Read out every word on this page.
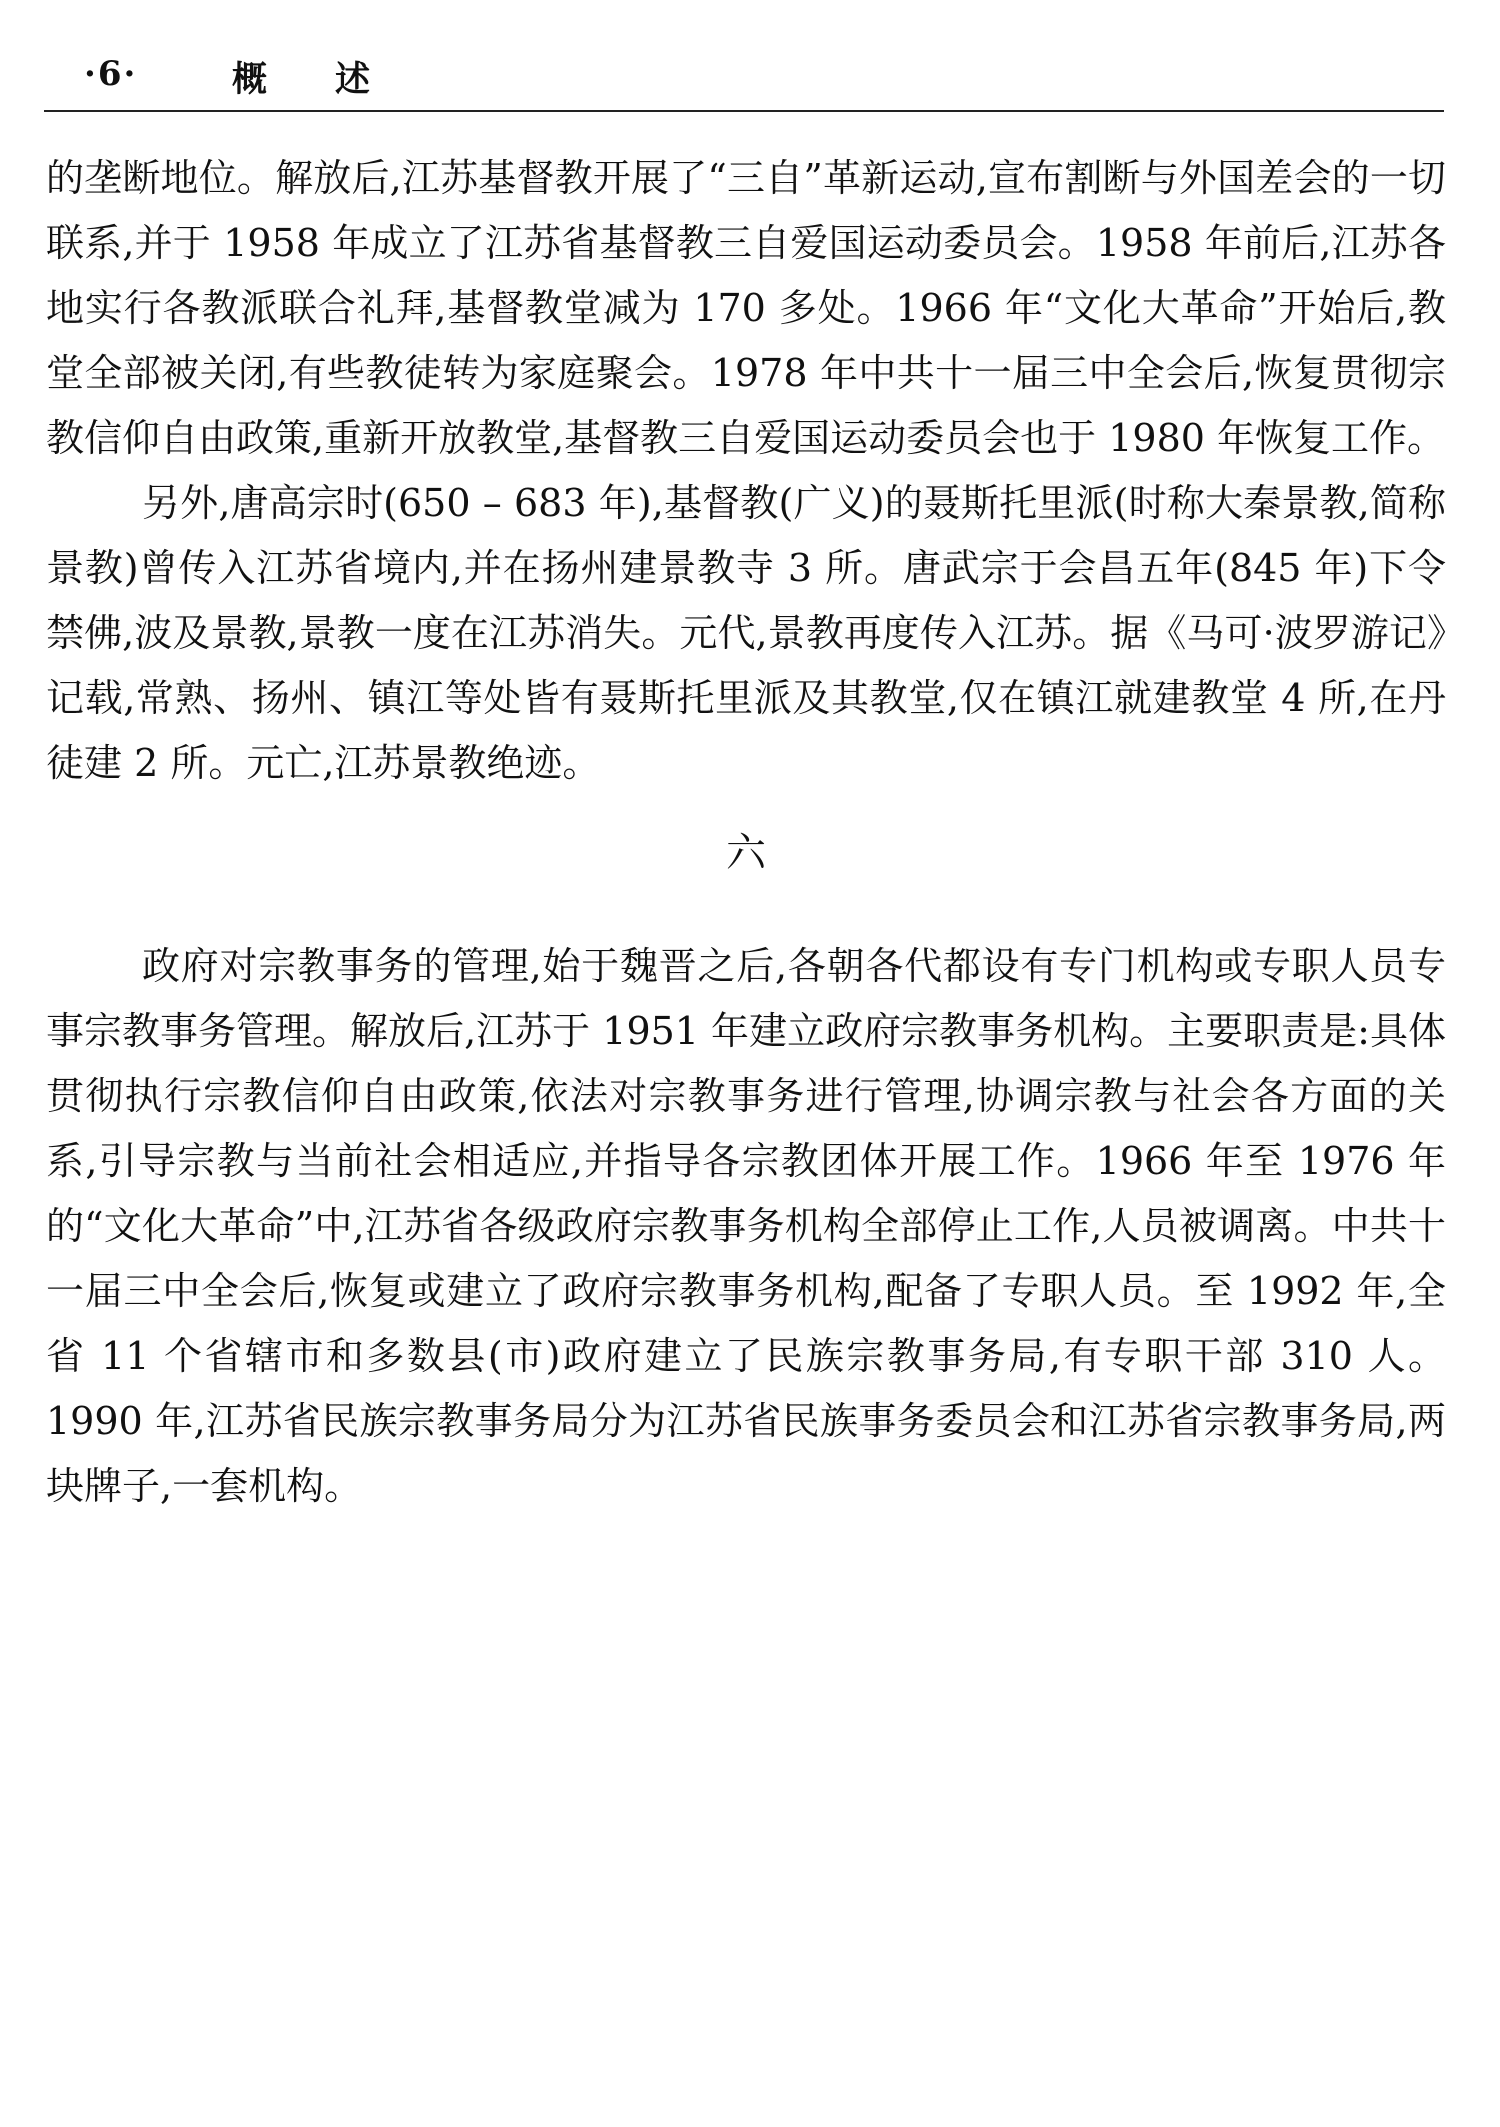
·6·	概述

的垄断地位。解放后,江苏基督教开展了“三自”革新运动,宣布割断与外国差会的一切联系,并于 1958 年成立了江苏省基督教三自爱国运动委员会。1958 年前后,江苏各地实行各教派联合礼拜,基督教堂减为 170 多处。1966 年“文化大革命”开始后,教堂全部被关闭,有些教徒转为家庭聚会。1978 年中共十一届三中全会后,恢复贯彻宗教信仰自由政策,重新开放教堂,基督教三自爱国运动委员会也于 1980 年恢复工作。

另外,唐高宗时(650 – 683 年),基督教(广义)的聂斯托里派(时称大秦景教,简称景教)曾传入江苏省境内,并在扬州建景教寺 3 所。唐武宗于会昌五年(845 年)下令禁佛,波及景教,景教一度在江苏消失。元代,景教再度传入江苏。据《马可·波罗游记》记载,常熟、扬州、镇江等处皆有聂斯托里派及其教堂,仅在镇江就建教堂 4 所,在丹徒建 2 所。元亡,江苏景教绝迹。

六

政府对宗教事务的管理,始于魏晋之后,各朝各代都设有专门机构或专职人员专事宗教事务管理。解放后,江苏于 1951 年建立政府宗教事务机构。主要职责是:具体贯彻执行宗教信仰自由政策,依法对宗教事务进行管理,协调宗教与社会各方面的关系,引导宗教与当前社会相适应,并指导各宗教团体开展工作。1966 年至 1976 年的“文化大革命”中,江苏省各级政府宗教事务机构全部停止工作,人员被调离。中共十一届三中全会后,恢复或建立了政府宗教事务机构,配备了专职人员。至 1992 年,全省 11 个省辖市和多数县(市)政府建立了民族宗教事务局,有专职干部 310 人。1990 年,江苏省民族宗教事务局分为江苏省民族事务委员会和江苏省宗教事务局,两块牌子,一套机构。
